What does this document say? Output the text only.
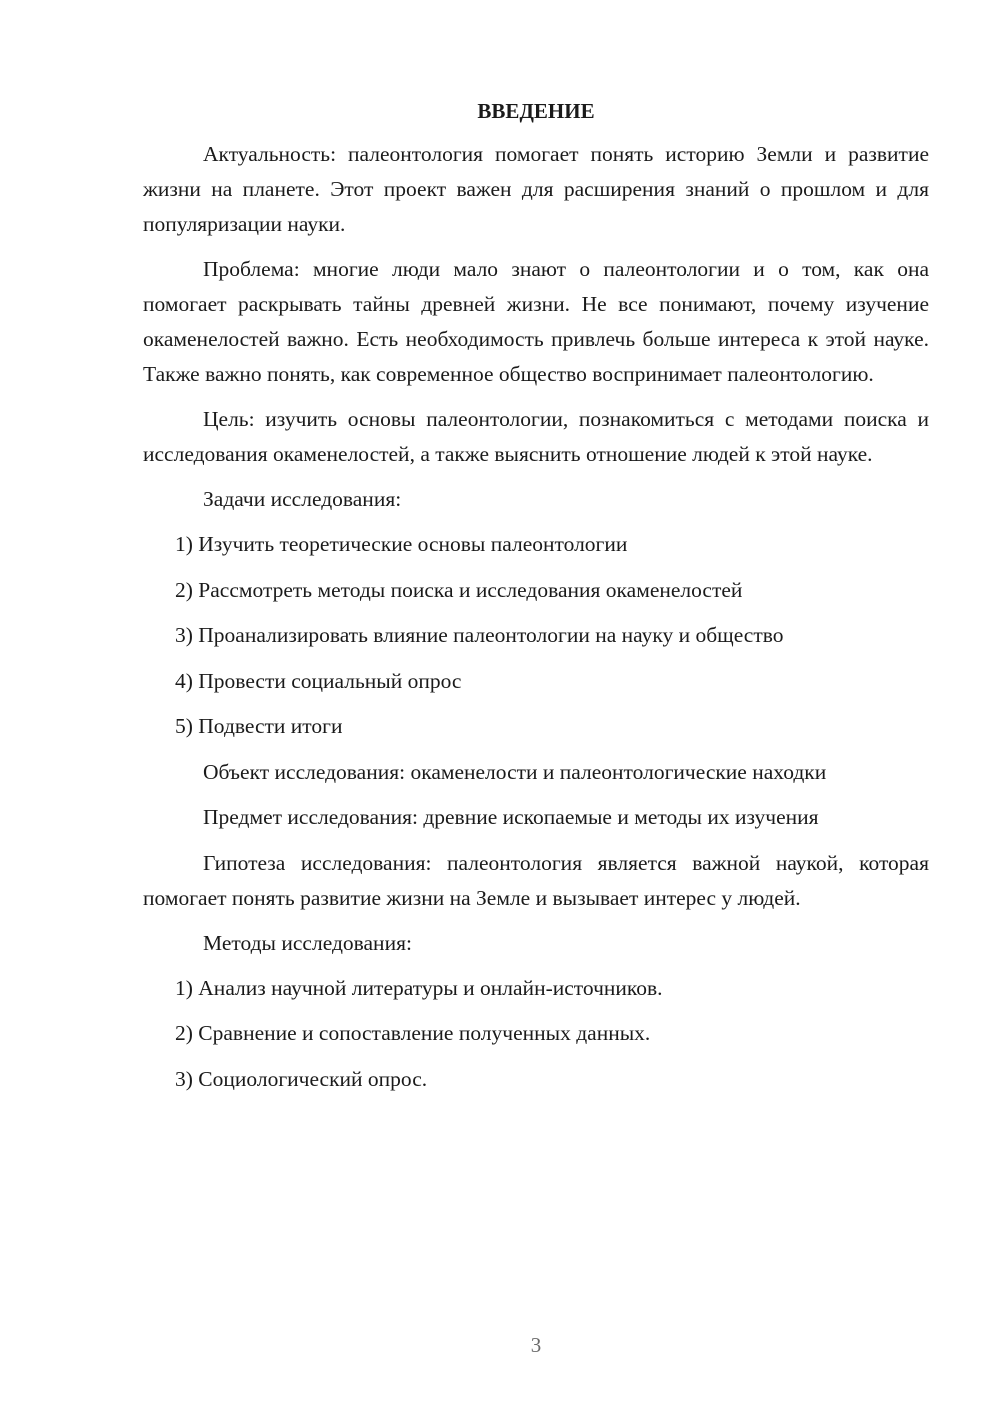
ВВЕДЕНИЕ
Актуальность: палеонтология помогает понять историю Земли и развитие жизни на планете. Этот проект важен для расширения знаний о прошлом и для популяризации науки.
Проблема: многие люди мало знают о палеонтологии и о том, как она помогает раскрывать тайны древней жизни. Не все понимают, почему изучение окаменелостей важно. Есть необходимость привлечь больше интереса к этой науке. Также важно понять, как современное общество воспринимает палеонтологию.
Цель: изучить основы палеонтологии, познакомиться с методами поиска и исследования окаменелостей, а также выяснить отношение людей к этой науке.
Задачи исследования:
1) Изучить теоретические основы палеонтологии
2) Рассмотреть методы поиска и исследования окаменелостей
3) Проанализировать влияние палеонтологии на науку и общество
4) Провести социальный опрос
5) Подвести итоги
Объект исследования: окаменелости и палеонтологические находки
Предмет исследования: древние ископаемые и методы их изучения
Гипотеза исследования: палеонтология является важной наукой, которая помогает понять развитие жизни на Земле и вызывает интерес у людей.
Методы исследования:
1) Анализ научной литературы и онлайн-источников.
2) Сравнение и сопоставление полученных данных.
3) Социологический опрос.
3
